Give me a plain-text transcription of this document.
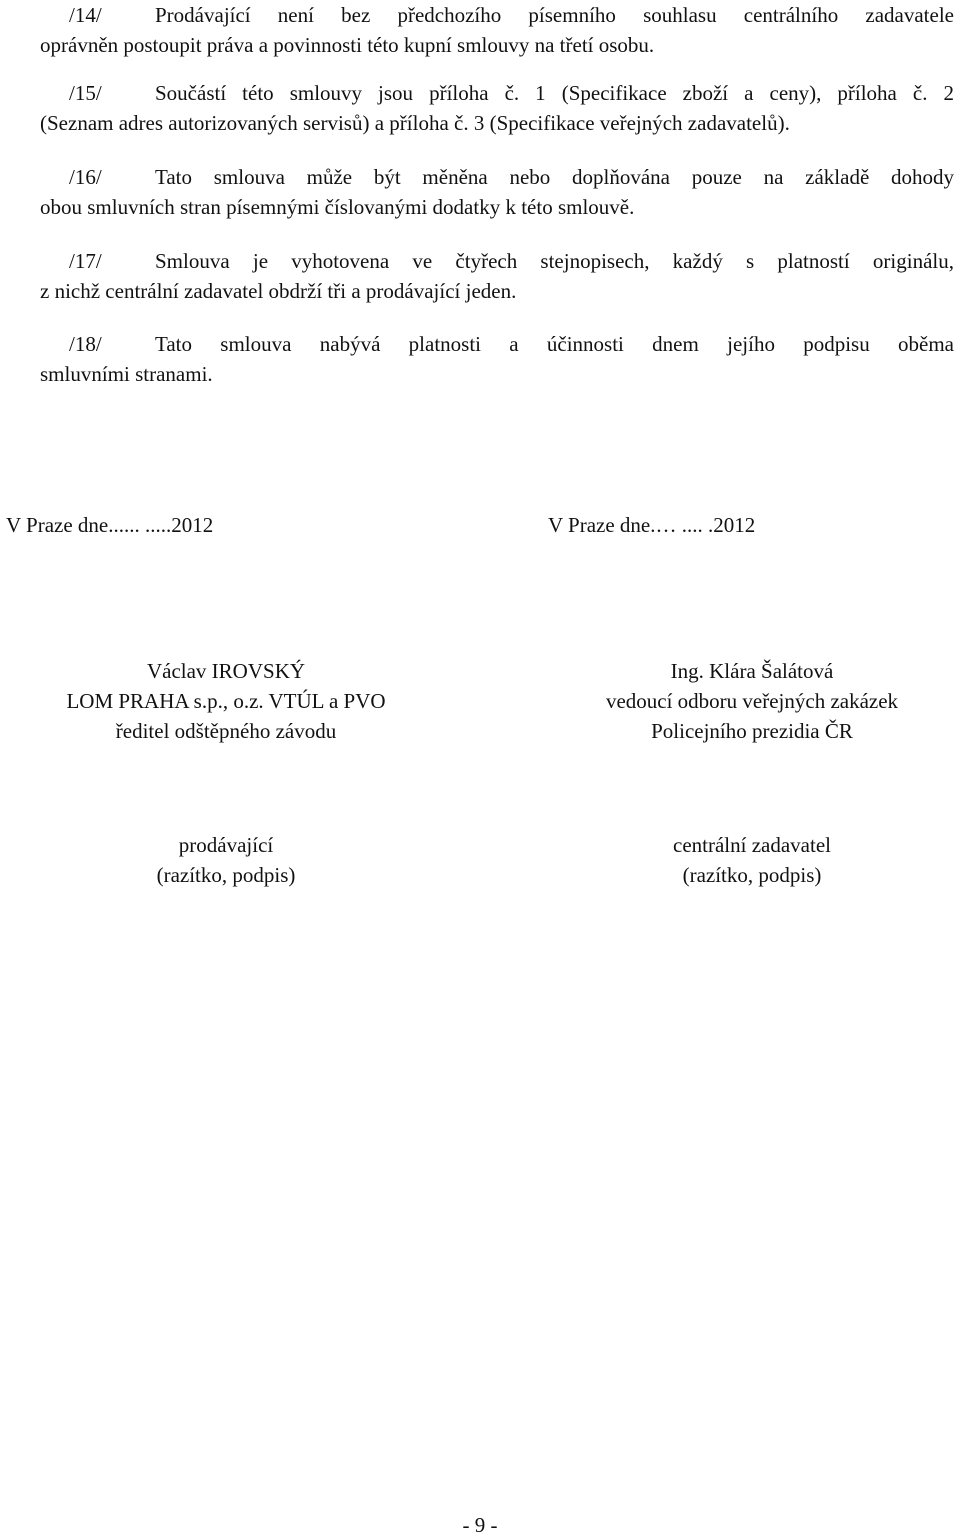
/14/	Prodávající není bez předchozího písemního souhlasu centrálního zadavatele
oprávněn postoupit práva a povinnosti této kupní smlouvy na třetí osobu.
/15/	Součástí této smlouvy jsou příloha č. 1 (Specifikace zboží a ceny), příloha č. 2
(Seznam adres autorizovaných servisů) a příloha č. 3 (Specifikace veřejných zadavatelů).
/16/	Tato smlouva může být měněna nebo doplňována pouze na základě dohody
obou smluvních stran písemnými číslovanými dodatky k této smlouvě.
/17/	Smlouva je vyhotovena ve čtyřech stejnopisech, každý s platností originálu,
z nichž centrální zadavatel obdrží tři a prodávající jeden.
/18/	Tato smlouva nabývá platnosti a účinnosti dnem jejího podpisu oběma
smluvními stranami.
V Praze dne...... .....2012	V Praze dne.… .... .2012
Václav IROVSKÝ
LOM PRAHA s.p., o.z. VTÚL a PVO
ředitel odštěpného závodu
Ing. Klára Šalátová
vedoucí odboru veřejných zakázek
Policejního prezidia ČR
prodávající
(razítko, podpis)
centrální zadavatel
(razítko, podpis)
- 9 -
